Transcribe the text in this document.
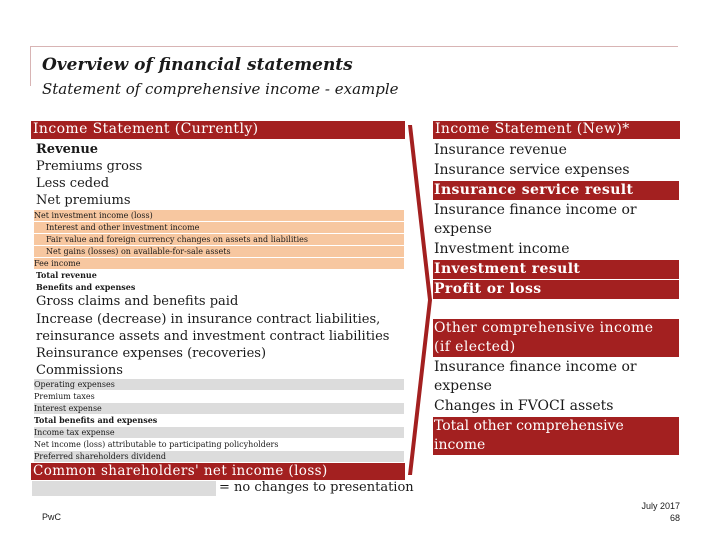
Overview of financial statements
Statement of comprehensive income - example
Income Statement (Currently)
Revenue
Premiums gross
Less ceded
Net premiums
Net investment income (loss)
Interest and other investment income
Fair value and foreign currency changes on assets and liabilities
Net gains (losses) on available-for-sale assets
Fee income
Total revenue
Benefits and expenses
Gross claims and benefits paid
Increase (decrease) in insurance contract liabilities,
reinsurance assets and investment contract liabilities
Reinsurance expenses (recoveries)
Commissions
Operating expenses
Premium taxes
Interest expense
Total benefits and expenses
Income tax expense
Net income (loss) attributable to participating policyholders
Preferred shareholders dividend
Common shareholders' net income (loss)
Income Statement (New)*
Insurance revenue
Insurance service expenses
Insurance service result
Insurance finance income or
expense
Investment income
Investment result
Profit or loss
Other comprehensive income
(if elected)
Insurance finance income or
expense
Changes in FVOCI assets
Total other comprehensive
income
= no changes to presentation
PwC
July 2017
68
